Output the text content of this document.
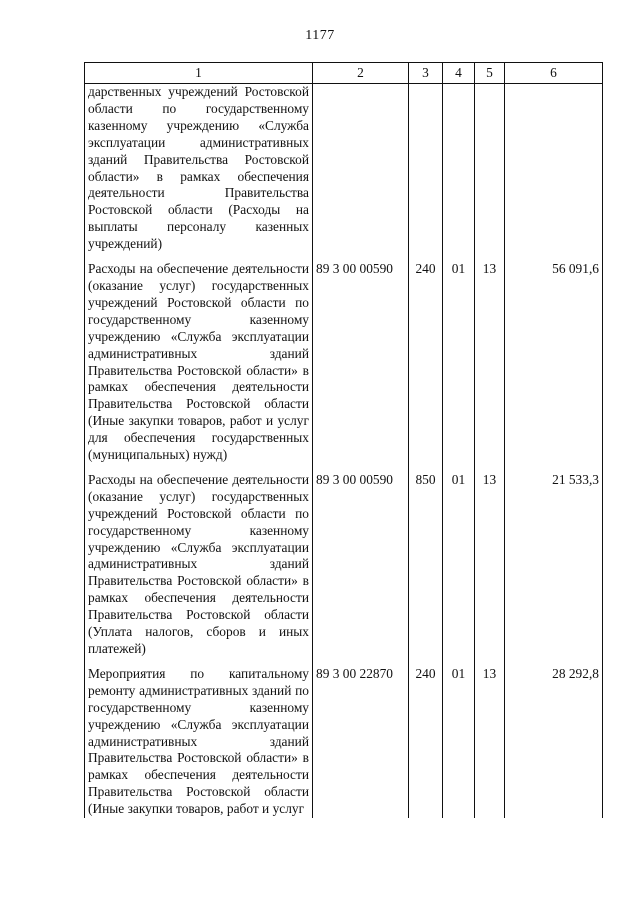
1177
1	2	3	4	5	6
дарственных учреждений Ростовской области по государственному казенному учреждению «Служба эксплуатации административных зданий Правительства Ростовской области» в рамках обеспечения деятельности Правительства Ростовской области (Расходы на выплаты персоналу казенных учреждений)					
Расходы на обеспечение деятельности (оказание услуг) государственных учреждений Ростовской области по государственному казенному учреждению «Служба эксплуатации административных зданий Правительства Ростовской области» в рамках обеспечения деятельности Правительства Ростовской области (Иные закупки товаров, работ и услуг для обеспечения государственных (муниципальных) нужд)	89 3 00 00590	240	01	13	56 091,6
Расходы на обеспечение деятельности (оказание услуг) государственных учреждений Ростовской области по государственному казенному учреждению «Служба эксплуатации административных зданий Правительства Ростовской области» в рамках обеспечения деятельности Правительства Ростовской области (Уплата налогов, сборов и иных платежей)	89 3 00 00590	850	01	13	21 533,3
Мероприятия по капитальному ремонту административных зданий по государственному казенному учреждению «Служба эксплуатации административных зданий Правительства Ростовской области» в рамках обеспечения деятельности Правительства Ростовской области (Иные закупки товаров, работ и услуг	89 3 00 22870	240	01	13	28 292,8
